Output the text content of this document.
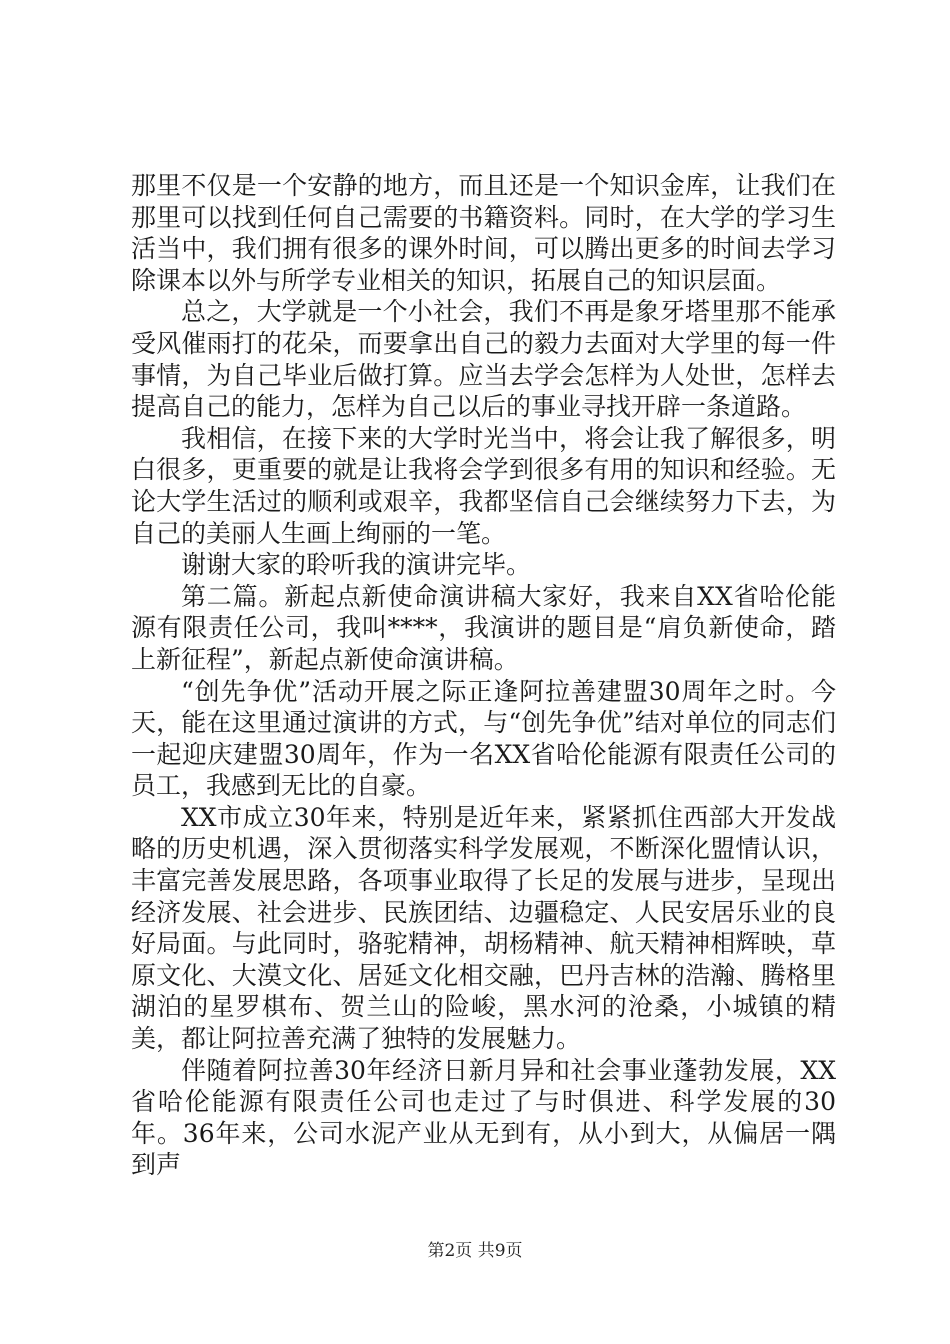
那里不仅是一个安静的地方，而且还是一个知识金库，让我们在那里可以找到任何自己需要的书籍资料。同时，在大学的学习生活当中，我们拥有很多的课外时间，可以腾出更多的时间去学习除课本以外与所学专业相关的知识，拓展自己的知识层面。

总之，大学就是一个小社会，我们不再是象牙塔里那不能承受风催雨打的花朵，而要拿出自己的毅力去面对大学里的每一件事情，为自己毕业后做打算。应当去学会怎样为人处世，怎样去提高自己的能力，怎样为自己以后的事业寻找开辟一条道路。

我相信，在接下来的大学时光当中，将会让我了解很多，明白很多，更重要的就是让我将会学到很多有用的知识和经验。无论大学生活过的顺利或艰辛，我都坚信自己会继续努力下去，为自己的美丽人生画上绚丽的一笔。

谢谢大家的聆听我的演讲完毕。

第二篇。新起点新使命演讲稿大家好，我来自XX省哈伦能源有限责任公司，我叫****，我演讲的题目是“肩负新使命，踏上新征程”，新起点新使命演讲稿。

“创先争优”活动开展之际正逢阿拉善建盟30周年之时。今天，能在这里通过演讲的方式，与“创先争优”结对单位的同志们一起迎庆建盟30周年，作为一名XX省哈伦能源有限责任公司的员工，我感到无比的自豪。

XX市成立30年来，特别是近年来，紧紧抓住西部大开发战略的历史机遇，深入贯彻落实科学发展观，不断深化盟情认识，丰富完善发展思路，各项事业取得了长足的发展与进步，呈现出经济发展、社会进步、民族团结、边疆稳定、人民安居乐业的良好局面。与此同时，骆驼精神，胡杨精神、航天精神相辉映，草原文化、大漠文化、居延文化相交融，巴丹吉林的浩瀚、腾格里湖泊的星罗棋布、贺兰山的险峻，黑水河的沧桑，小城镇的精美，都让阿拉善充满了独特的发展魅力。

伴随着阿拉善30年经济日新月异和社会事业蓬勃发展，XX省哈伦能源有限责任公司也走过了与时俱进、科学发展的30年。36年来，公司水泥产业从无到有，从小到大，从偏居一隅到声

第2页 共9页
